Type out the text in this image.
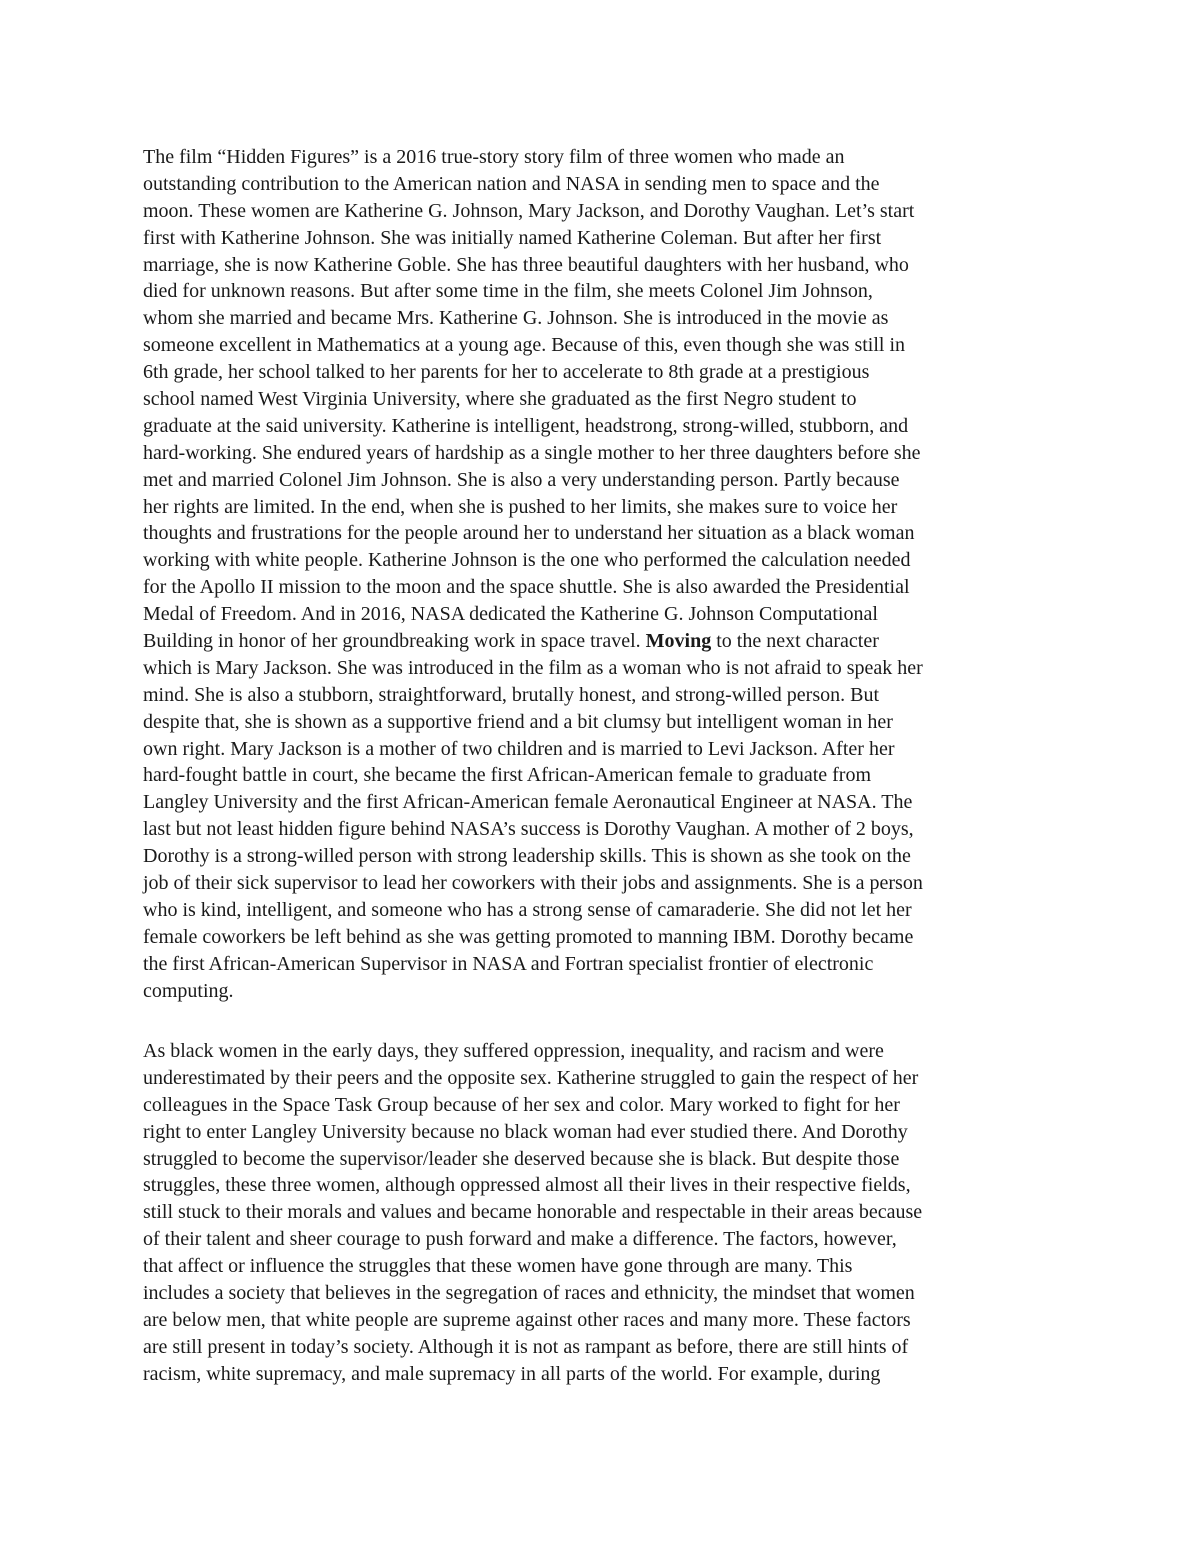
The film “Hidden Figures” is a 2016 true-story story film of three women who made an
outstanding contribution to the American nation and NASA in sending men to space and the
moon. These women are Katherine G. Johnson, Mary Jackson, and Dorothy Vaughan. Let’s start
first with Katherine Johnson. She was initially named Katherine Coleman. But after her first
marriage, she is now Katherine Goble. She has three beautiful daughters with her husband, who
died for unknown reasons. But after some time in the film, she meets Colonel Jim Johnson,
whom she married and became Mrs. Katherine G. Johnson. She is introduced in the movie as
someone excellent in Mathematics at a young age. Because of this, even though she was still in
6th grade, her school talked to her parents for her to accelerate to 8th grade at a prestigious
school named West Virginia University, where she graduated as the first Negro student to
graduate at the said university. Katherine is intelligent, headstrong, strong-willed, stubborn, and
hard-working. She endured years of hardship as a single mother to her three daughters before she
met and married Colonel Jim Johnson. She is also a very understanding person. Partly because
her rights are limited. In the end, when she is pushed to her limits, she makes sure to voice her
thoughts and frustrations for the people around her to understand her situation as a black woman
working with white people. Katherine Johnson is the one who performed the calculation needed
for the Apollo II mission to the moon and the space shuttle. She is also awarded the Presidential
Medal of Freedom. And in 2016, NASA dedicated the Katherine G. Johnson Computational
Building in honor of her groundbreaking work in space travel. Moving to the next character
which is Mary Jackson. She was introduced in the film as a woman who is not afraid to speak her
mind. She is also a stubborn, straightforward, brutally honest, and strong-willed person. But
despite that, she is shown as a supportive friend and a bit clumsy but intelligent woman in her
own right. Mary Jackson is a mother of two children and is married to Levi Jackson. After her
hard-fought battle in court, she became the first African-American female to graduate from
Langley University and the first African-American female Aeronautical Engineer at NASA. The
last but not least hidden figure behind NASA’s success is Dorothy Vaughan. A mother of 2 boys,
Dorothy is a strong-willed person with strong leadership skills. This is shown as she took on the
job of their sick supervisor to lead her coworkers with their jobs and assignments. She is a person
who is kind, intelligent, and someone who has a strong sense of camaraderie. She did not let her
female coworkers be left behind as she was getting promoted to manning IBM. Dorothy became
the first African-American Supervisor in NASA and Fortran specialist frontier of electronic
computing.
As black women in the early days, they suffered oppression, inequality, and racism and were
underestimated by their peers and the opposite sex. Katherine struggled to gain the respect of her
colleagues in the Space Task Group because of her sex and color. Mary worked to fight for her
right to enter Langley University because no black woman had ever studied there. And Dorothy
struggled to become the supervisor/leader she deserved because she is black. But despite those
struggles, these three women, although oppressed almost all their lives in their respective fields,
still stuck to their morals and values and became honorable and respectable in their areas because
of their talent and sheer courage to push forward and make a difference. The factors, however,
that affect or influence the struggles that these women have gone through are many. This
includes a society that believes in the segregation of races and ethnicity, the mindset that women
are below men, that white people are supreme against other races and many more. These factors
are still present in today’s society. Although it is not as rampant as before, there are still hints of
racism, white supremacy, and male supremacy in all parts of the world. For example, during
